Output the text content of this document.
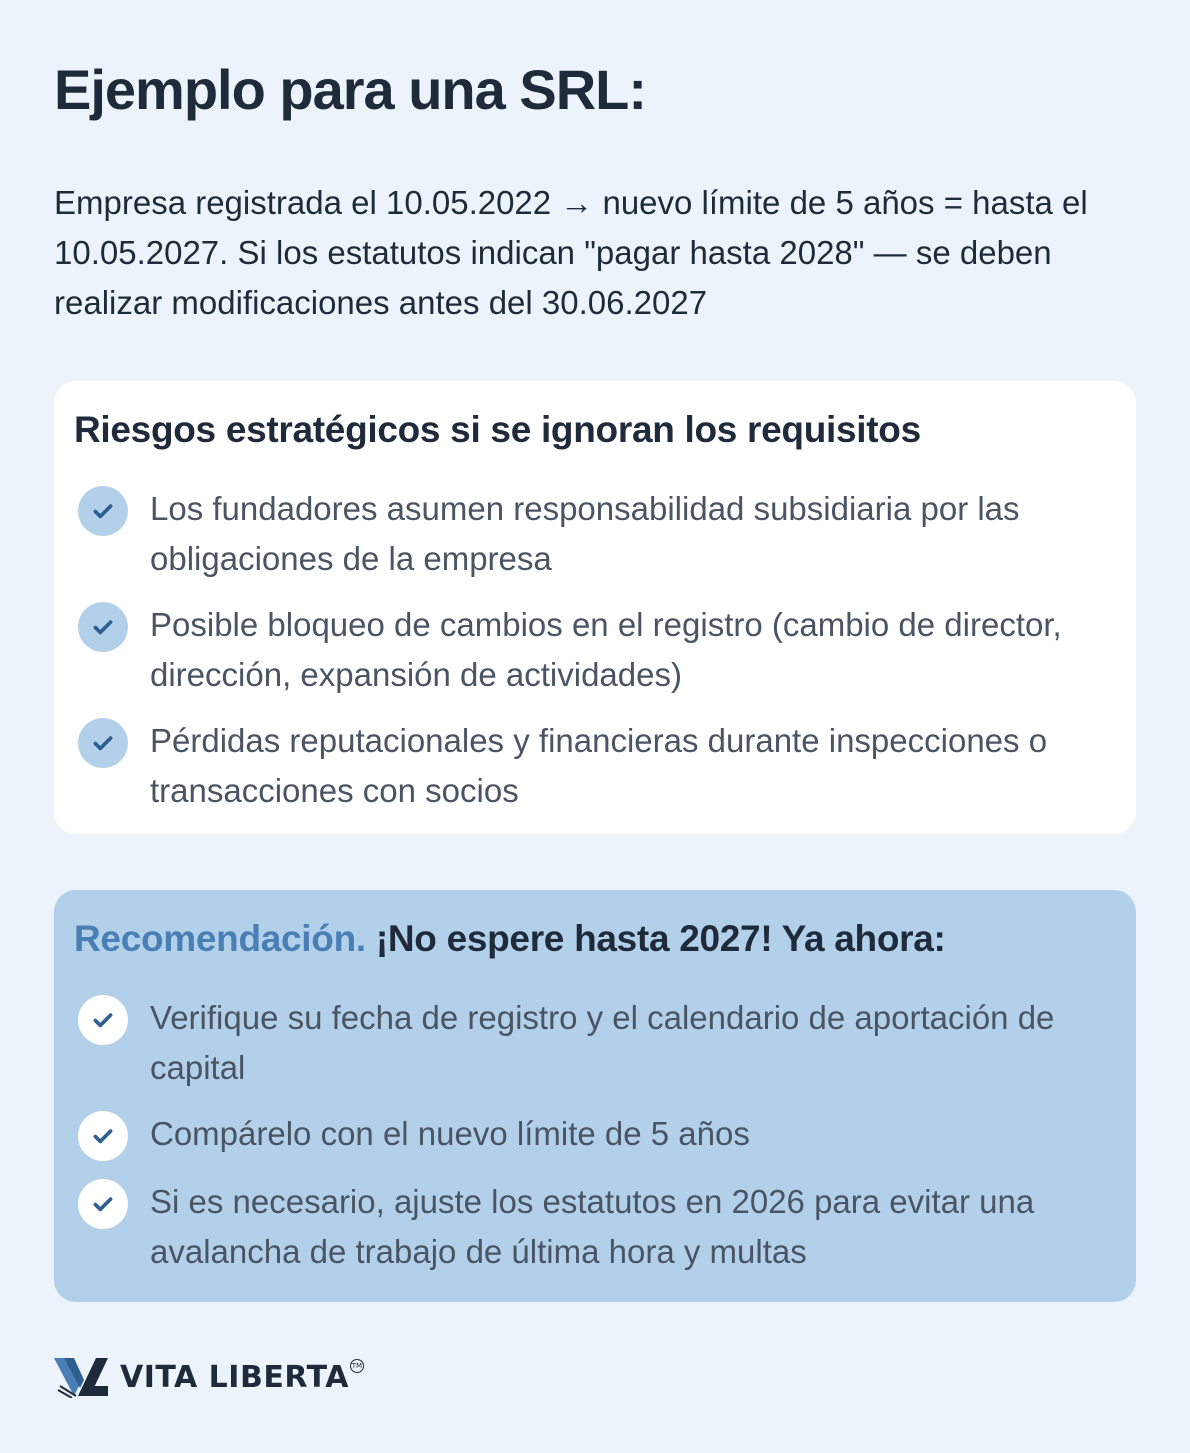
Ejemplo para una SRL:

Empresa registrada el 10.05.2022 → nuevo límite de 5 años = hasta el 10.05.2027. Si los estatutos indican "pagar hasta 2028" — se deben realizar modificaciones antes del 30.06.2027

Riesgos estratégicos si se ignoran los requisitos
Recomendación. ¡No espere hasta 2027! Ya ahora:
Los fundadores asumen responsabilidad subsidiaria por las obligaciones de la empresa
Posible bloqueo de cambios en el registro (cambio de director, dirección, expansión de actividades)
Pérdidas reputacionales y financieras durante inspecciones o transacciones con socios
Verifique su fecha de registro y el calendario de aportación de capital
Compárelo con el nuevo límite de 5 años
Si es necesario, ajuste los estatutos en 2026 para evitar una avalancha de trabajo de última hora y multas
VITA LIBERTA TM
